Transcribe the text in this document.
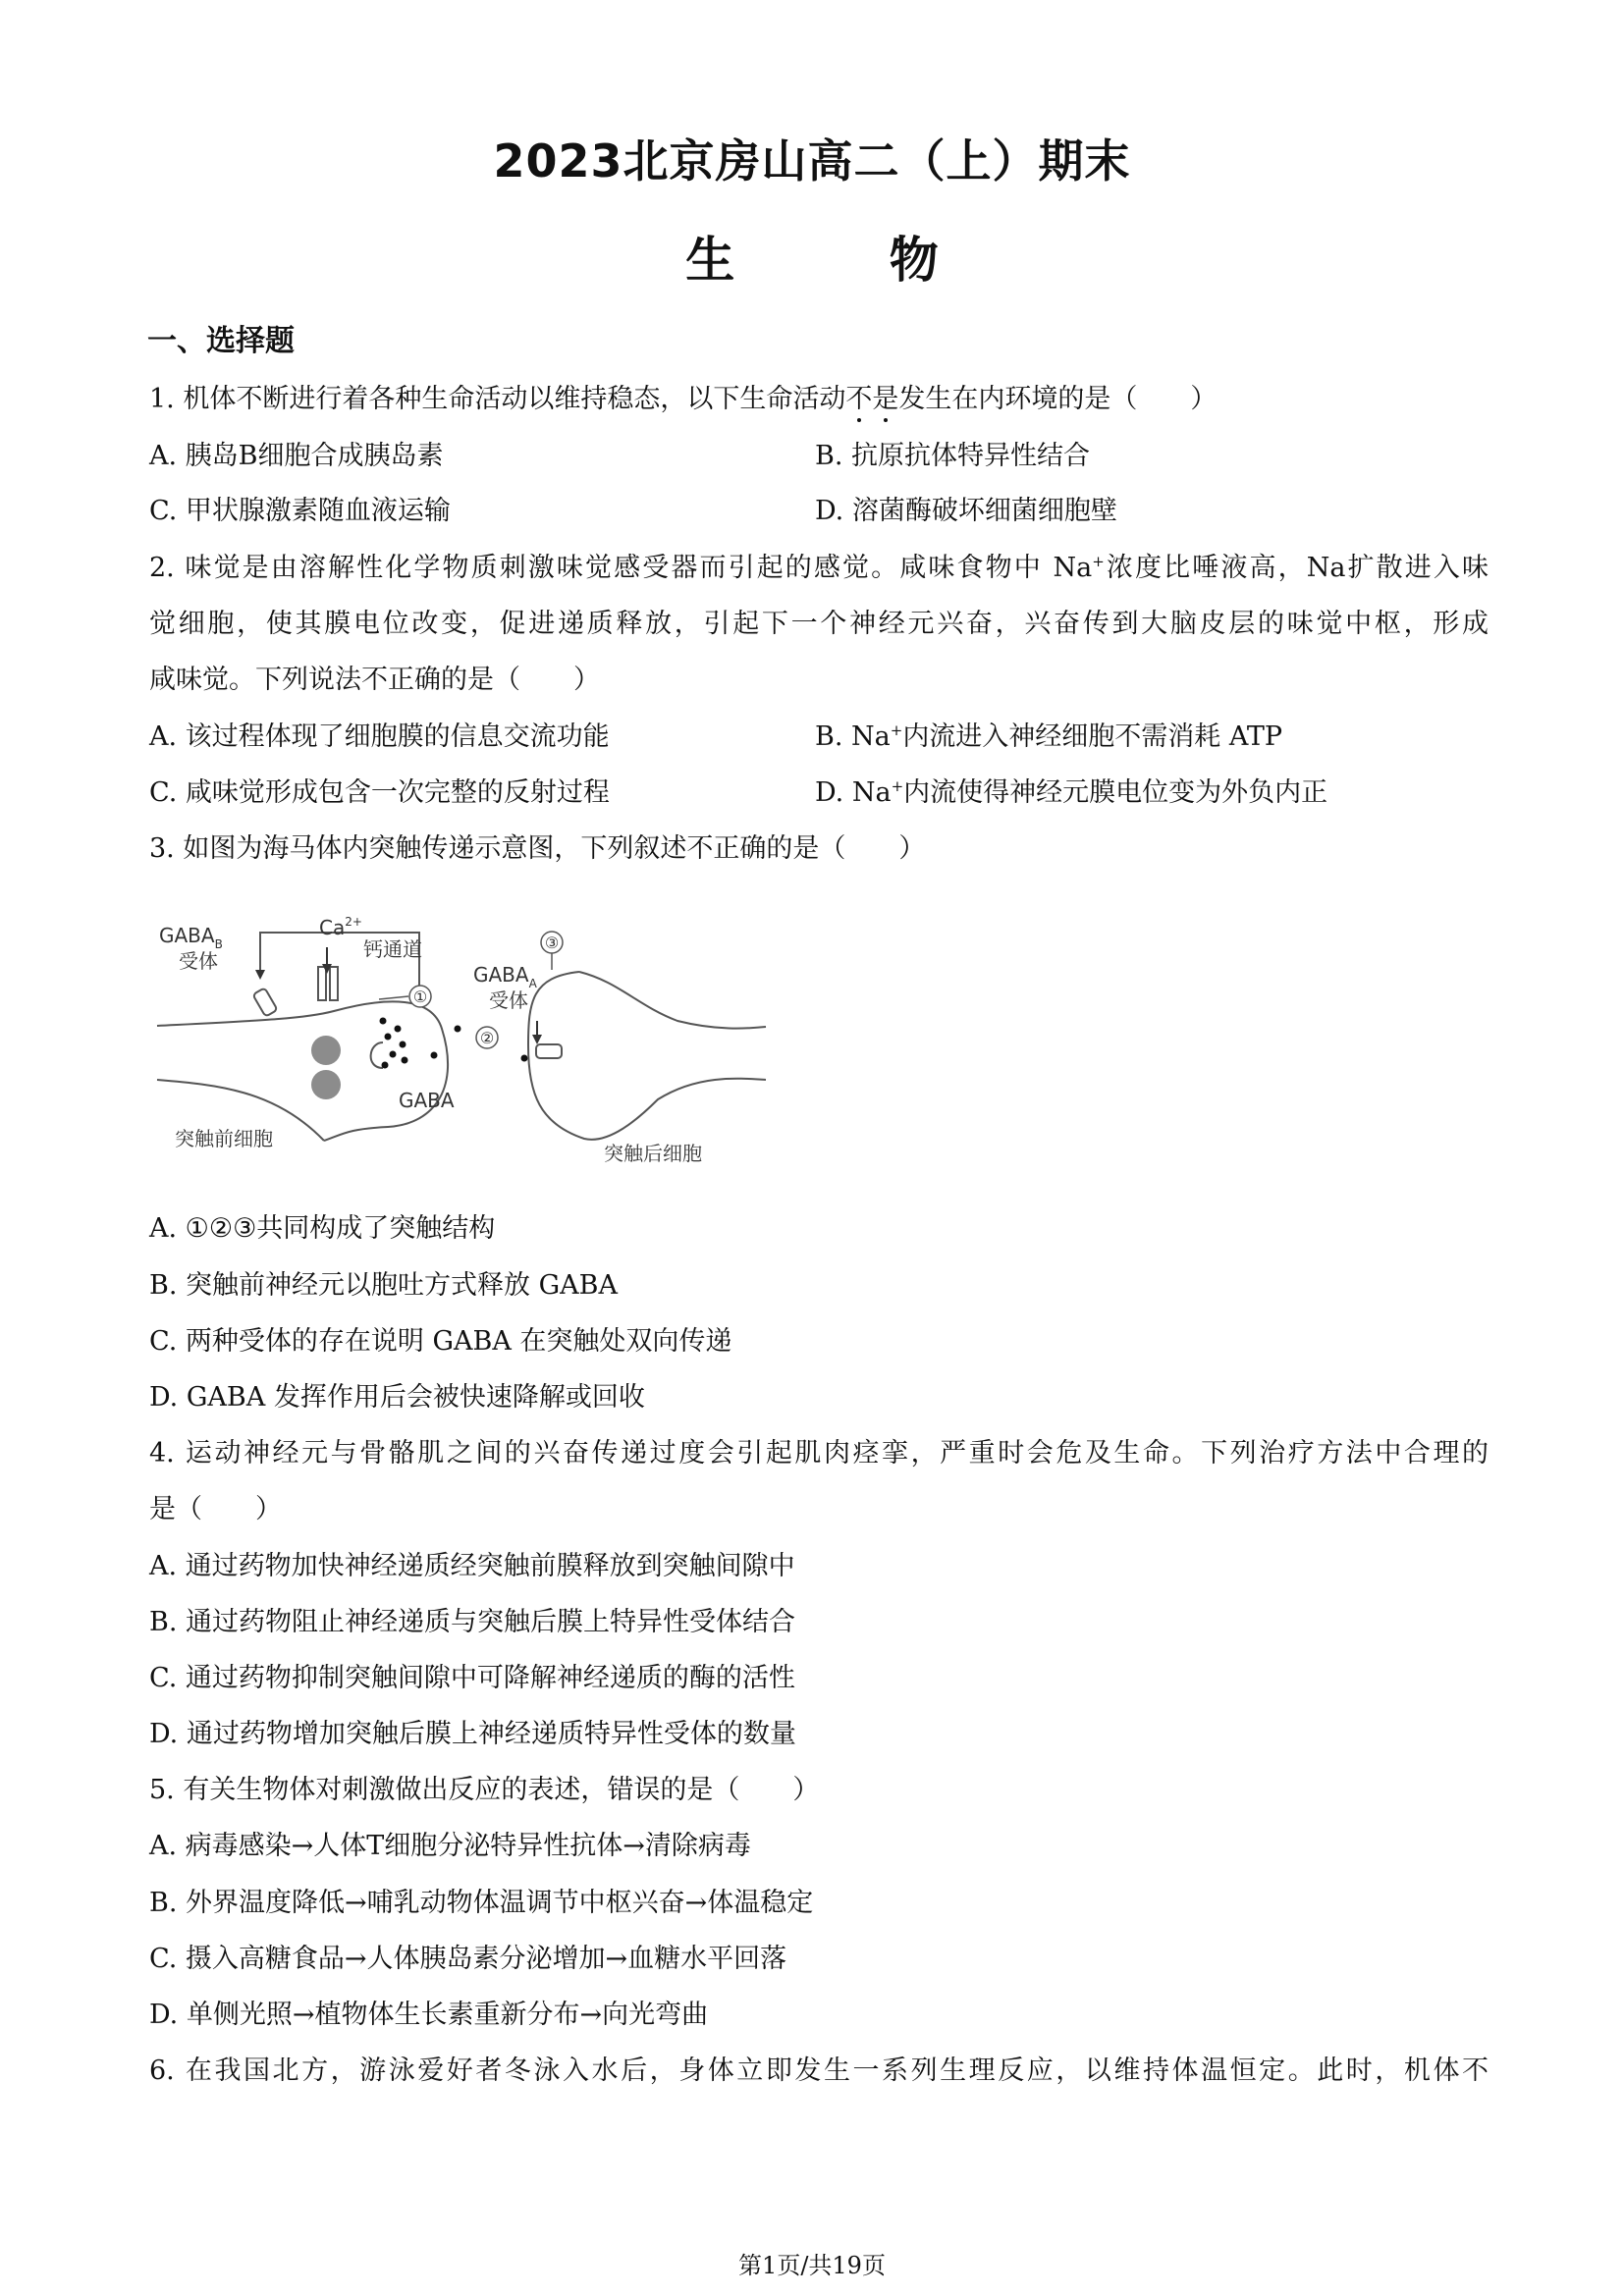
2023北京房山高二（上）期末
生 物
一、选择题
1. 机体不断进行着各种生命活动以维持稳态，以下生命活动不是发生在内环境的是（　　）
A. 胰岛B细胞合成胰岛素	B. 抗原抗体特异性结合
C. 甲状腺激素随血液运输	D. 溶菌酶破坏细菌细胞壁
2. 味觉是由溶解性化学物质刺激味觉感受器而引起的感觉。咸味食物中 Na+浓度比唾液高，Na扩散进入味
觉细胞，使其膜电位改变，促进递质释放，引起下一个神经元兴奋，兴奋传到大脑皮层的味觉中枢，形成
咸味觉。下列说法不正确的是（　　）
A. 该过程体现了细胞膜的信息交流功能	B. Na+内流进入神经细胞不需消耗 ATP
C. 咸味觉形成包含一次完整的反射过程	D. Na+内流使得神经元膜电位变为外负内正
3. 如图为海马体内突触传递示意图，下列叙述不正确的是（　　）
①
②
③
$GABA_B$
受体
$Ca^{2+}$
钙通道
$GABA_A$
受体
GABA
突触前细胞
突触后细胞
A. ①②③共同构成了突触结构
B. 突触前神经元以胞吐方式释放 GABA
C. 两种受体的存在说明 GABA 在突触处双向传递
D. GABA 发挥作用后会被快速降解或回收
4. 运动神经元与骨骼肌之间的兴奋传递过度会引起肌肉痉挛，严重时会危及生命。下列治疗方法中合理的
是（　　）
A. 通过药物加快神经递质经突触前膜释放到突触间隙中
B. 通过药物阻止神经递质与突触后膜上特异性受体结合
C. 通过药物抑制突触间隙中可降解神经递质的酶的活性
D. 通过药物增加突触后膜上神经递质特异性受体的数量
5. 有关生物体对刺激做出反应的表述，错误的是（　　）
A. 病毒感染→人体T细胞分泌特异性抗体→清除病毒
B. 外界温度降低→哺乳动物体温调节中枢兴奋→体温稳定
C. 摄入高糖食品→人体胰岛素分泌增加→血糖水平回落
D. 单侧光照→植物体生长素重新分布→向光弯曲
6. 在我国北方，游泳爱好者冬泳入水后，身体立即发生一系列生理反应，以维持体温恒定。此时，机体不
第1页/共19页
